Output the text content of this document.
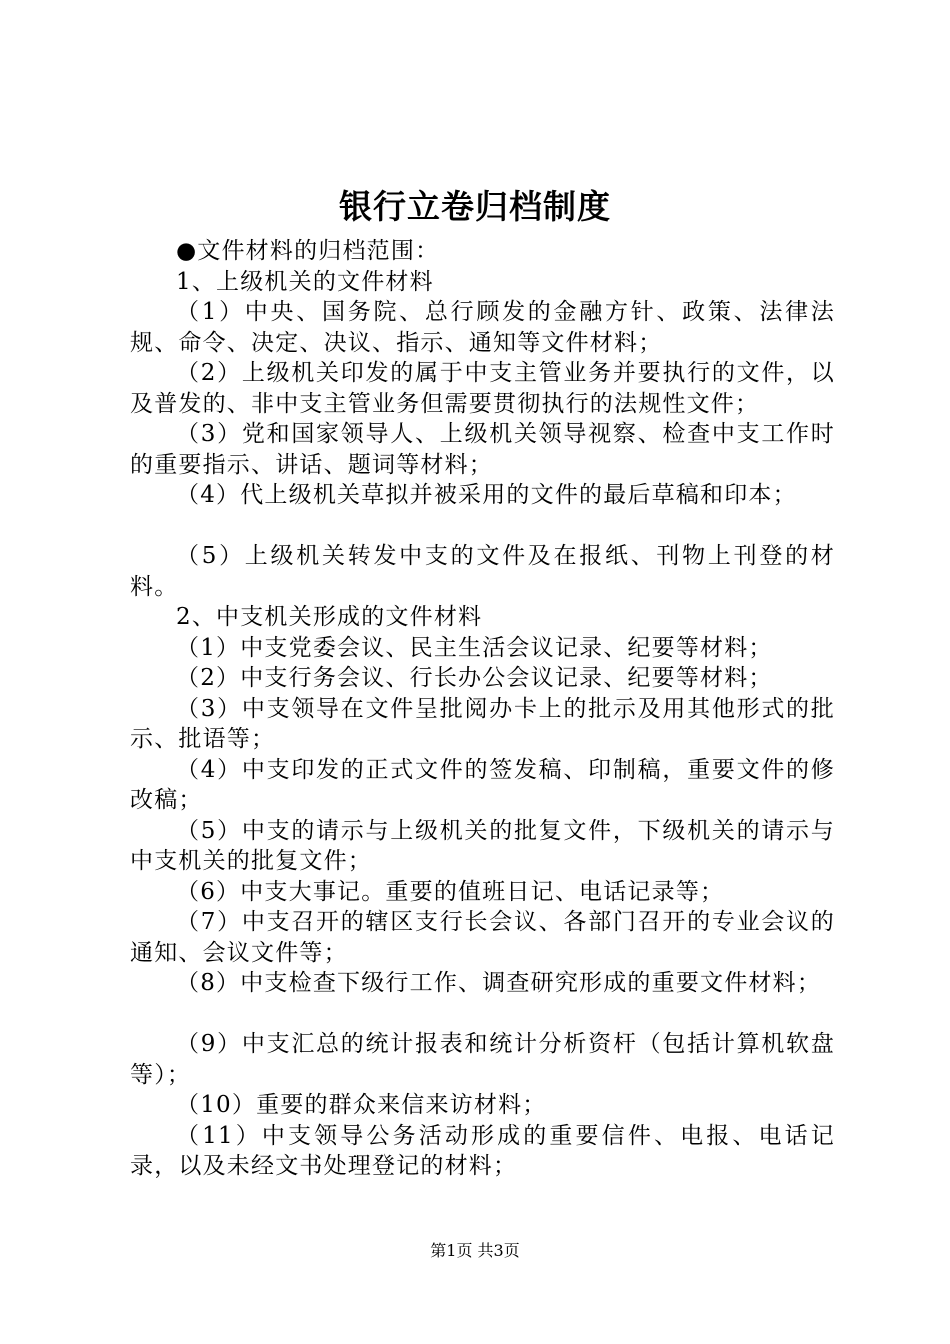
银行立卷归档制度

●文件材料的归档范围：

1、上级机关的文件材料

（1）中央、国务院、总行顾发的金融方针、政策、法律法规、命令、决定、决议、指示、通知等文件材料；

（2）上级机关印发的属于中支主管业务并要执行的文件，以及普发的、非中支主管业务但需要贯彻执行的法规性文件；

（3）党和国家领导人、上级机关领导视察、检查中支工作时的重要指示、讲话、题词等材料；

（4）代上级机关草拟并被采用的文件的最后草稿和印本；

（5）上级机关转发中支的文件及在报纸、刊物上刊登的材料。

2、中支机关形成的文件材料

（1）中支党委会议、民主生活会议记录、纪要等材料；

（2）中支行务会议、行长办公会议记录、纪要等材料；

（3）中支领导在文件呈批阅办卡上的批示及用其他形式的批示、批语等；

（4）中支印发的正式文件的签发稿、印制稿，重要文件的修改稿；

（5）中支的请示与上级机关的批复文件，下级机关的请示与中支机关的批复文件；

（6）中支大事记。重要的值班日记、电话记录等；

（7）中支召开的辖区支行长会议、各部门召开的专业会议的通知、会议文件等；

（8）中支检查下级行工作、调查研究形成的重要文件材料；

（9）中支汇总的统计报表和统计分析资杆（包括计算机软盘等）；

（10）重要的群众来信来访材料；

（11）中支领导公务活动形成的重要信件、电报、电话记录，以及未经文书处理登记的材料；

第1页 共3页
